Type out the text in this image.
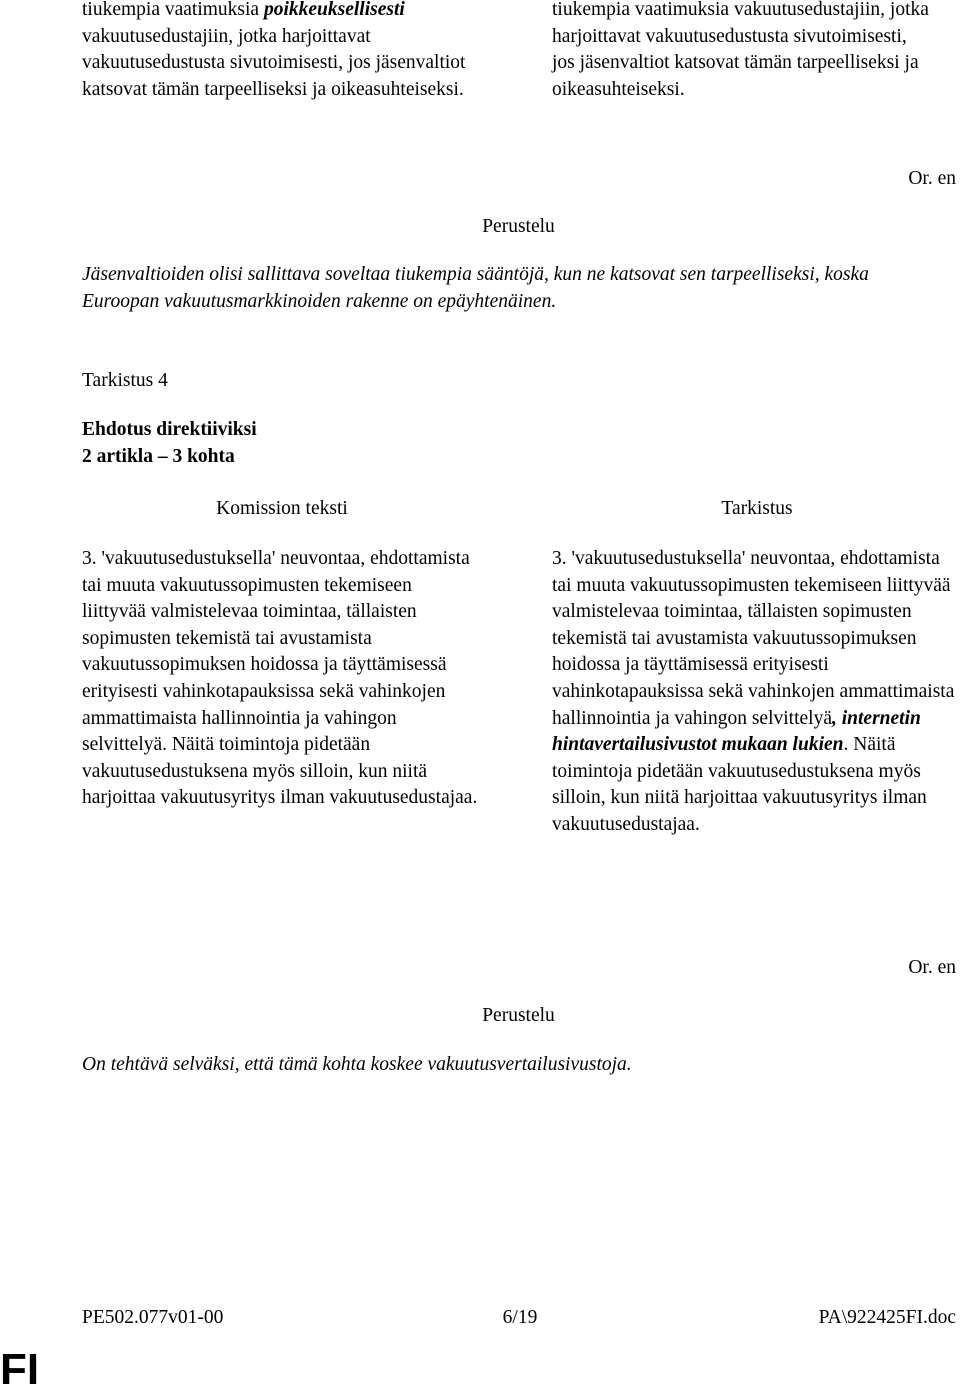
tiukempia vaatimuksia poikkeuksellisesti vakuutusedustajiin, jotka harjoittavat vakuutusedustusta sivutoimisesti, jos jäsenvaltiot katsovat tämän tarpeelliseksi ja oikeasuhteiseksi.

tiukempia vaatimuksia vakuutusedustajiin, jotka harjoittavat vakuutusedustusta sivutoimisesti, jos jäsenvaltiot katsovat tämän tarpeelliseksi ja oikeasuhteiseksi.

Or. en
Perustelu

Jäsenvaltioiden olisi sallittava soveltaa tiukempia sääntöjä, kun ne katsovat sen tarpeelliseksi, koska Euroopan vakuutusmarkkinoiden rakenne on epäyhtenäinen.

Tarkistus 4
Ehdotus direktiiviksi
2 artikla – 3 kohta
Komission teksti	Tarkistus

3. 'vakuutusedustuksella' neuvontaa, ehdottamista tai muuta vakuutussopimusten tekemiseen liittyvää valmistelevaa toimintaa, tällaisten sopimusten tekemistä tai avustamista vakuutussopimuksen hoidossa ja täyttämisessä erityisesti vahinkotapauksissa sekä vahinkojen ammattimaista hallinnointia ja vahingon selvittelyä. Näitä toimintoja pidetään vakuutusedustuksena myös silloin, kun niitä harjoittaa vakuutusyritys ilman vakuutusedustajaa.

3. 'vakuutusedustuksella' neuvontaa, ehdottamista tai muuta vakuutussopimusten tekemiseen liittyvää valmistelevaa toimintaa, tällaisten sopimusten tekemistä tai avustamista vakuutussopimuksen hoidossa ja täyttämisessä erityisesti vahinkotapauksissa sekä vahinkojen ammattimaista hallinnointia ja vahingon selvittelyä, internetin hintavertailusivustot mukaan lukien. Näitä toimintoja pidetään vakuutusedustuksena myös silloin, kun niitä harjoittaa vakuutusyritys ilman vakuutusedustajaa.

Or. en
Perustelu

On tehtävä selväksi, että tämä kohta koskee vakuutusvertailusivustoja.

PE502.077v01-00	6/19	PA\922425FI.doc
FI
